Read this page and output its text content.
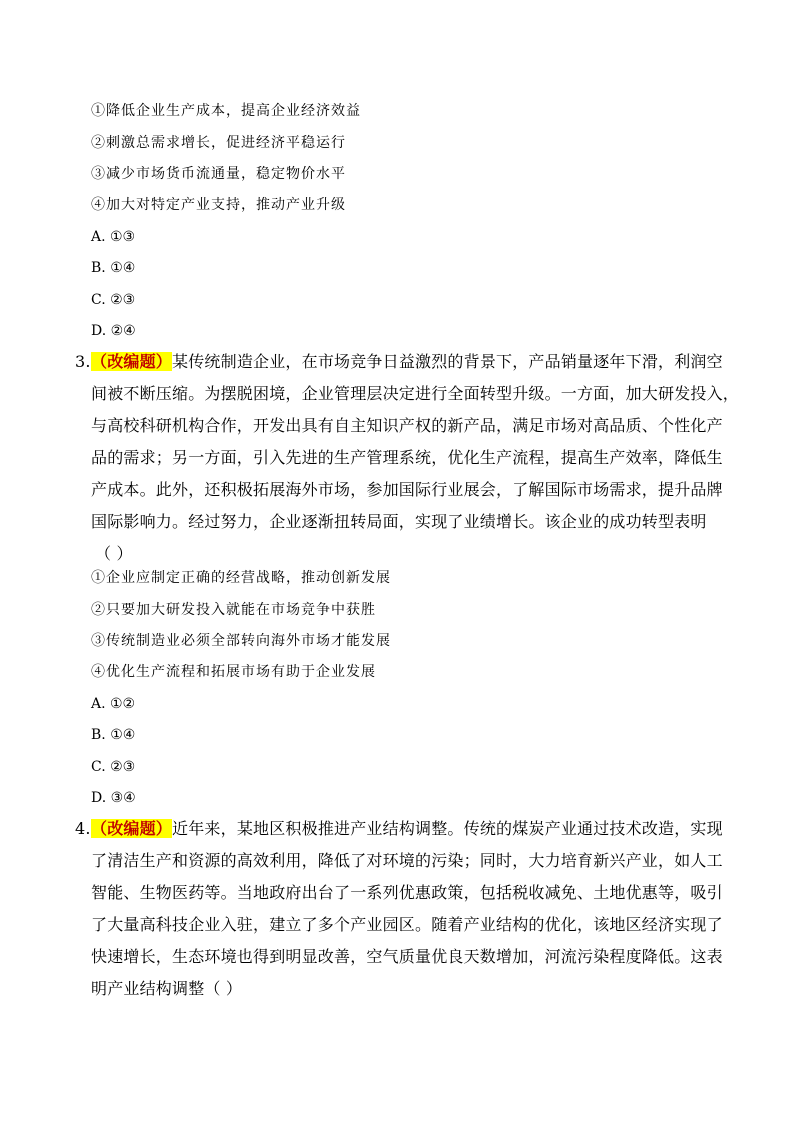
①降低企业生产成本，提高企业经济效益
②刺激总需求增长，促进经济平稳运行
③减少市场货币流通量，稳定物价水平
④加大对特定产业支持，推动产业升级
A. ①③
B. ①④
C. ②③
D. ②④
3. （改编题）某传统制造企业，在市场竞争日益激烈的背景下，产品销量逐年下滑，利润空
间被不断压缩。为摆脱困境，企业管理层决定进行全面转型升级。一方面，加大研发投入，
与高校科研机构合作，开发出具有自主知识产权的新产品，满足市场对高品质、个性化产
品的需求；另一方面，引入先进的生产管理系统，优化生产流程，提高生产效率，降低生
产成本。此外，还积极拓展海外市场，参加国际行业展会，了解国际市场需求，提升品牌
国际影响力。经过努力，企业逐渐扭转局面，实现了业绩增长。该企业的成功转型表明
（ ）
①企业应制定正确的经营战略，推动创新发展
②只要加大研发投入就能在市场竞争中获胜
③传统制造业必须全部转向海外市场才能发展
④优化生产流程和拓展市场有助于企业发展
A. ①②
B. ①④
C. ②③
D. ③④
4. （改编题）近年来，某地区积极推进产业结构调整。传统的煤炭产业通过技术改造，实现
了清洁生产和资源的高效利用，降低了对环境的污染；同时，大力培育新兴产业，如人工
智能、生物医药等。当地政府出台了一系列优惠政策，包括税收减免、土地优惠等，吸引
了大量高科技企业入驻，建立了多个产业园区。随着产业结构的优化，该地区经济实现了
快速增长，生态环境也得到明显改善，空气质量优良天数增加，河流污染程度降低。这表
明产业结构调整（ ）
